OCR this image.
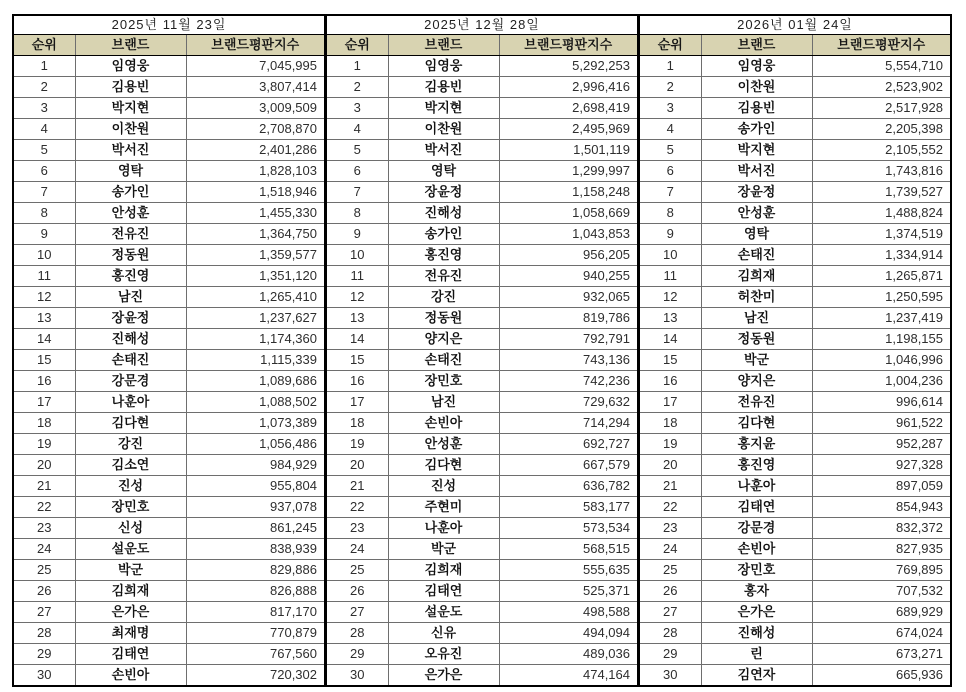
2025년 11월 23일		
순위	브랜드	브랜드평판지수
1	임영웅	7,045,995
2	김용빈	3,807,414
3	박지현	3,009,509
4	이찬원	2,708,870
5	박서진	2,401,286
6	영탁	1,828,103
7	송가인	1,518,946
8	안성훈	1,455,330
9	전유진	1,364,750
10	정동원	1,359,577
11	홍진영	1,351,120
12	남진	1,265,410
13	장윤정	1,237,627
14	진해성	1,174,360
15	손태진	1,115,339
16	강문경	1,089,686
17	나훈아	1,088,502
18	김다현	1,073,389
19	강진	1,056,486
20	김소연	984,929
21	진성	955,804
22	장민호	937,078
23	신성	861,245
24	설운도	838,939
25	박군	829,886
26	김희재	826,888
27	은가은	817,170
28	최재명	770,879
29	김태연	767,560
30	손빈아	720,302
2025년 12월 28일		
순위	브랜드	브랜드평판지수
1	임영웅	5,292,253
2	김용빈	2,996,416
3	박지현	2,698,419
4	이찬원	2,495,969
5	박서진	1,501,119
6	영탁	1,299,997
7	장윤정	1,158,248
8	진해성	1,058,669
9	송가인	1,043,853
10	홍진영	956,205
11	전유진	940,255
12	강진	932,065
13	정동원	819,786
14	양지은	792,791
15	손태진	743,136
16	장민호	742,236
17	남진	729,632
18	손빈아	714,294
19	안성훈	692,727
20	김다현	667,579
21	진성	636,782
22	주현미	583,177
23	나훈아	573,534
24	박군	568,515
25	김희재	555,635
26	김태연	525,371
27	설운도	498,588
28	신유	494,094
29	오유진	489,036
30	은가은	474,164
2026년 01월 24일		
순위	브랜드	브랜드평판지수
1	임영웅	5,554,710
2	이찬원	2,523,902
3	김용빈	2,517,928
4	송가인	2,205,398
5	박지현	2,105,552
6	박서진	1,743,816
7	장윤정	1,739,527
8	안성훈	1,488,824
9	영탁	1,374,519
10	손태진	1,334,914
11	김희재	1,265,871
12	허찬미	1,250,595
13	남진	1,237,419
14	정동원	1,198,155
15	박군	1,046,996
16	양지은	1,004,236
17	전유진	996,614
18	김다현	961,522
19	홍지윤	952,287
20	홍진영	927,328
21	나훈아	897,059
22	김태연	854,943
23	강문경	832,372
24	손빈아	827,935
25	장민호	769,895
26	홍자	707,532
27	은가은	689,929
28	진해성	674,024
29	린	673,271
30	김연자	665,936
